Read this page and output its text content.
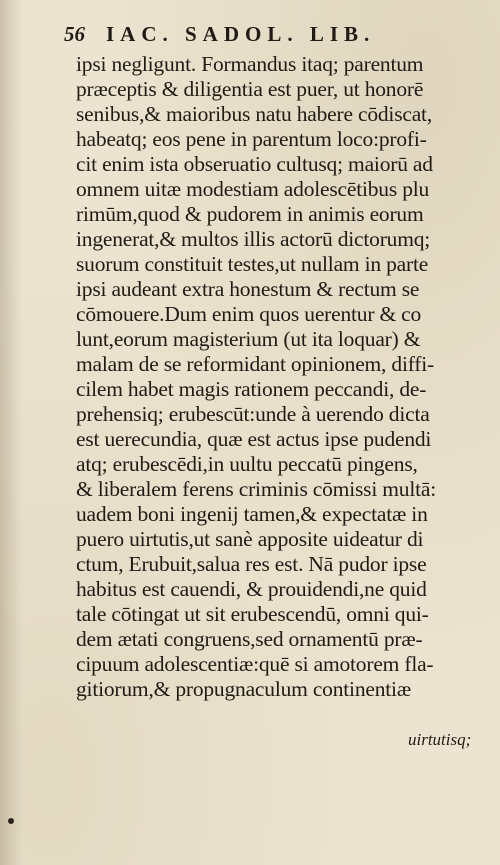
56 IAC. SADOL. LIB.
ipsi negligunt. Formandus itaq; parentum
præceptis & diligentia est puer, ut honorē
senibus,& maioribus natu habere cōdiscat,
habeatq; eos pene in parentum loco:profi-
cit enim ista obseruatio cultusq; maiorū ad
omnem uitæ modestiam adolescētibus plu
rimūm,quod & pudorem in animis eorum
ingenerat,& multos illis actorū dictorumq;
suorum constituit testes,ut nullam in parte
ipsi audeant extra honestum & rectum se
cōmouere.Dum enim quos uerentur & co
lunt,eorum magisterium (ut ita loquar) &
malam de se reformidant opinionem, diffi-
cilem habet magis rationem peccandi, de-
prehensiq; erubescūt:unde à uerendo dicta
est uerecundia, quæ est actus ipse pudendi
atq; erubescēdi,in uultu peccatū pingens,
& liberalem ferens criminis cōmissi multā:
uadem boni ingenij tamen,& expectatæ in
puero uirtutis,ut sanè apposite uideatur di
ctum, Erubuit,salua res est. Nā pudor ipse
habitus est cauendi, & prouidendi,ne quid
tale cōtingat ut sit erubescendū, omni qui-
dem ætati congruens,sed ornamentū præ-
cipuum adolescentiæ:quē si amotorem fla-
gitiorum,& propugnaculum continentiæ
uirtutisq;
